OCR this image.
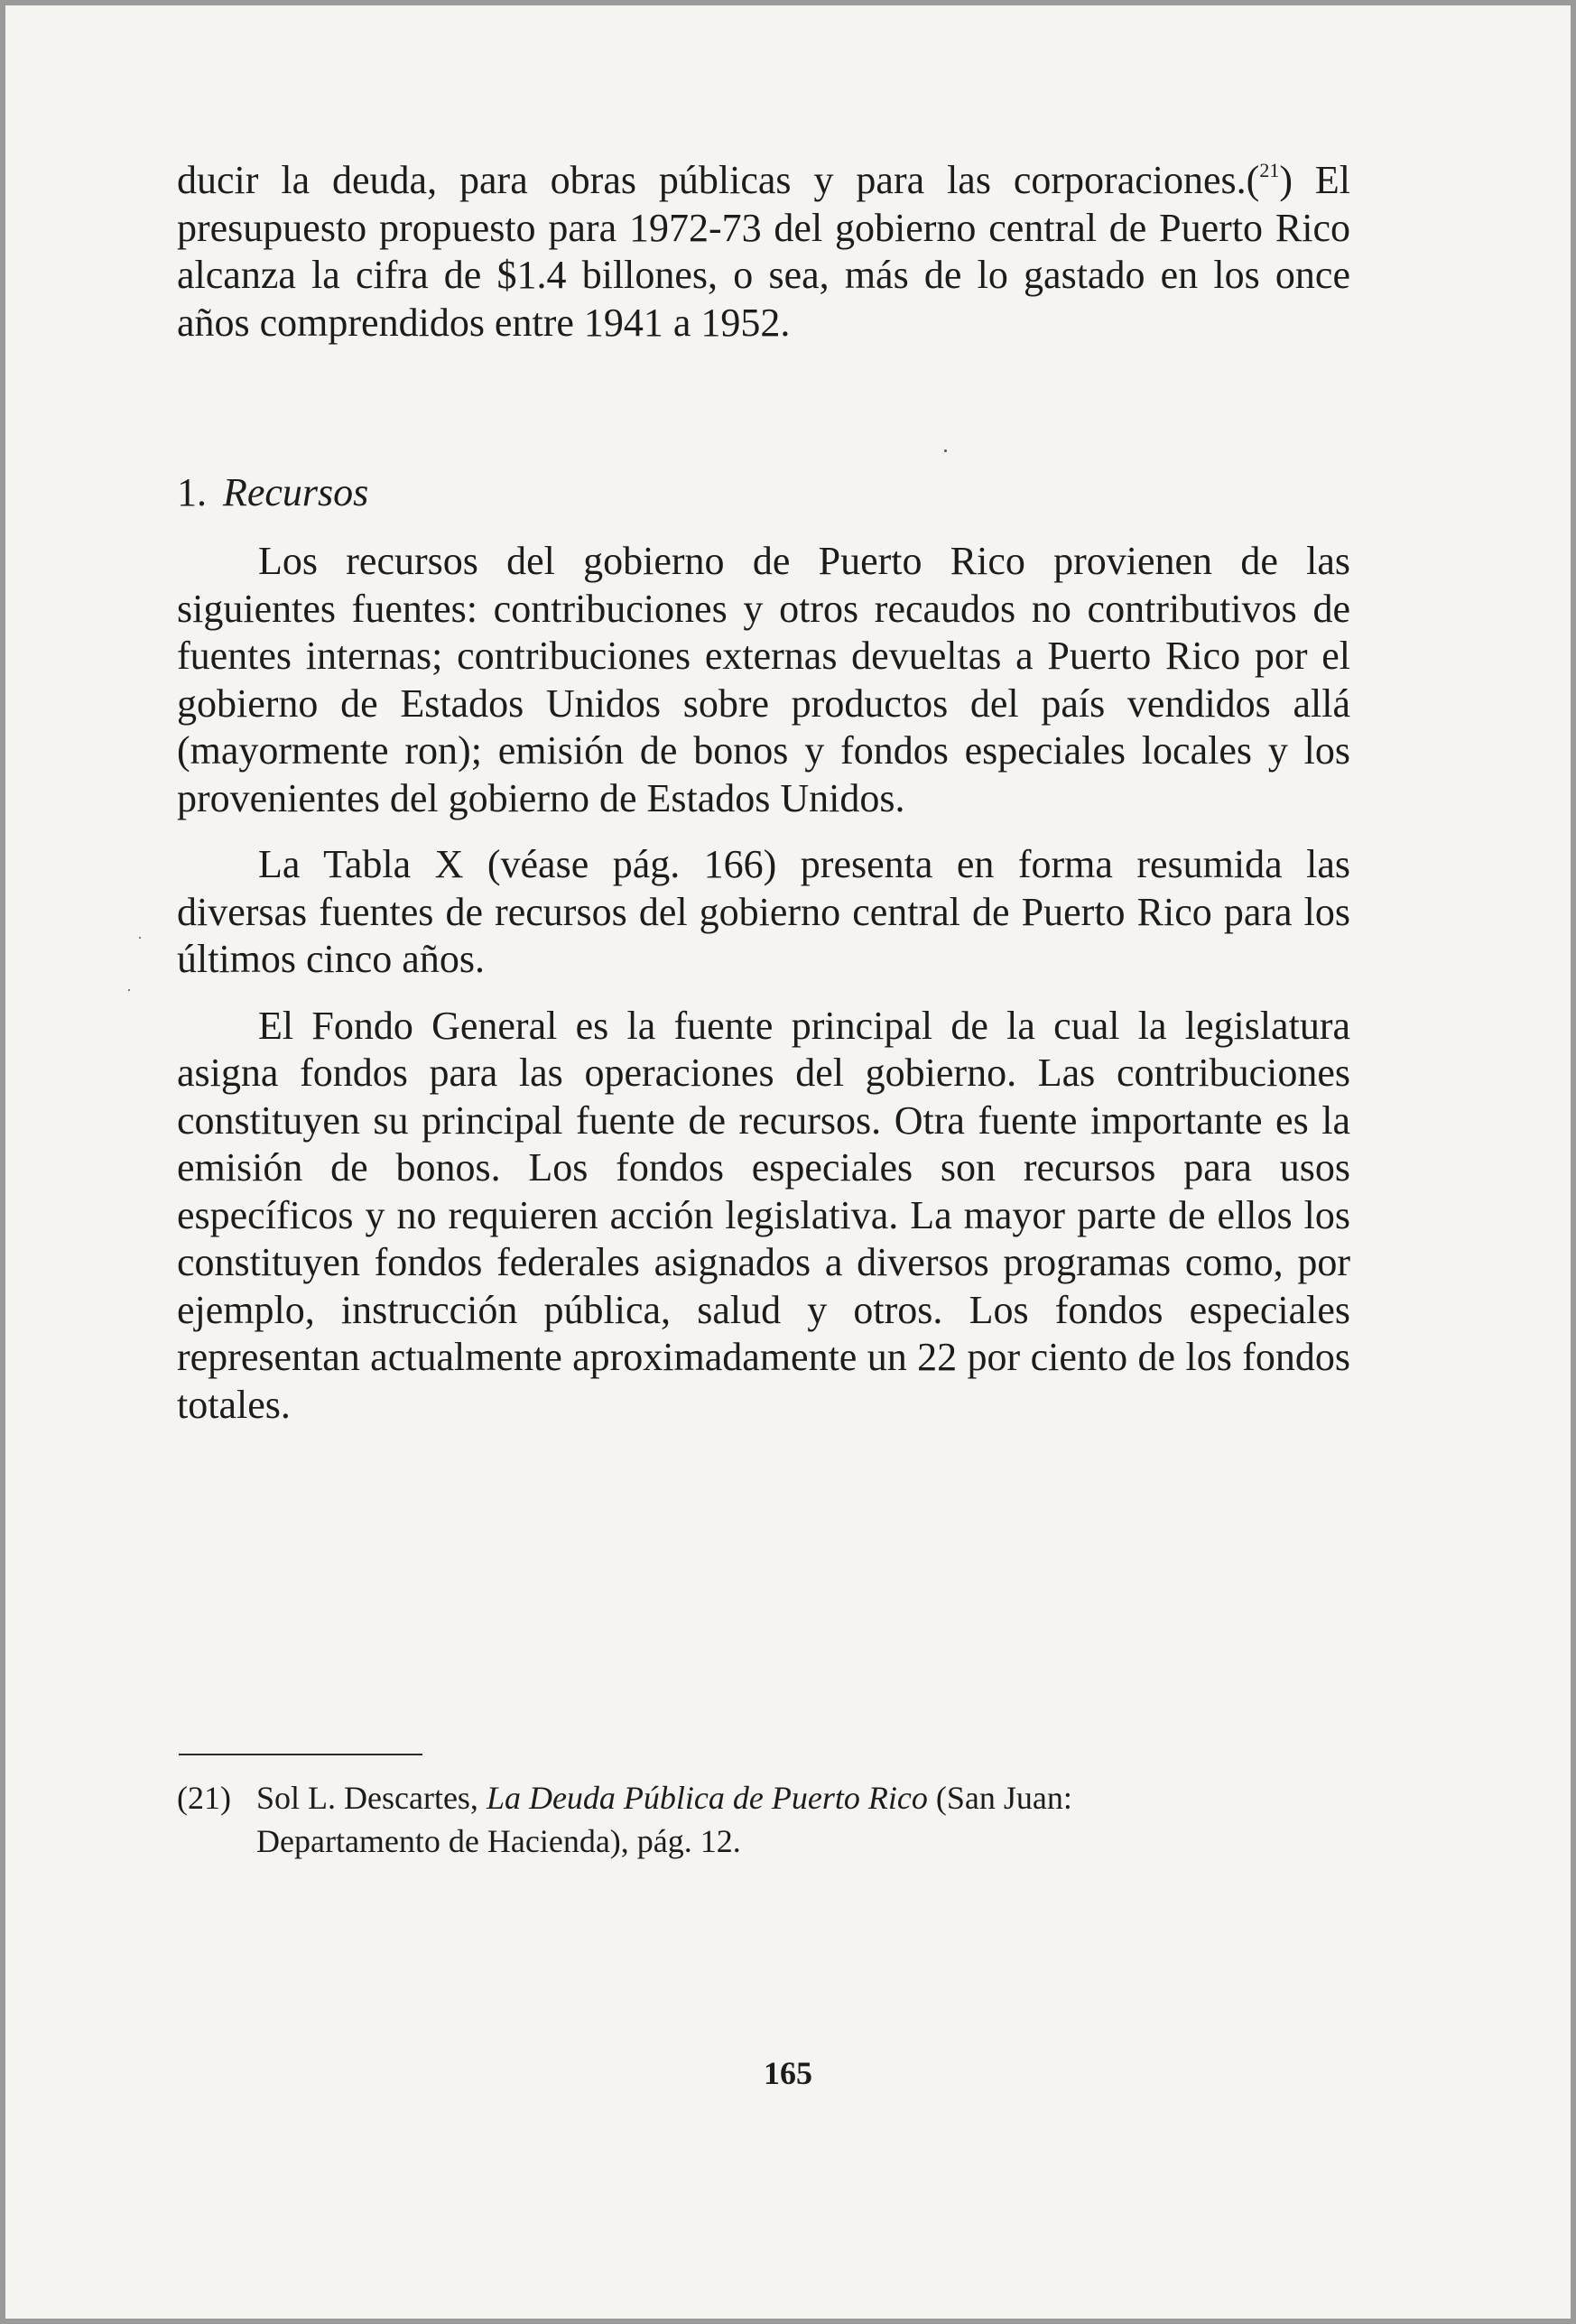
ducir la deuda, para obras públicas y para las corporaciones.($^{21}$) El presupuesto propuesto para 1972-73 del gobierno central de Puerto Rico alcanza la cifra de $1.4 billones, o sea, más de lo gastado en los once años comprendidos entre 1941 a 1952.

1. Recursos

Los recursos del gobierno de Puerto Rico provienen de las siguientes fuentes: contribuciones y otros recaudos no contributivos de fuentes internas; contribuciones externas devueltas a Puerto Rico por el gobierno de Estados Unidos sobre productos del país vendidos allá (mayormente ron); emisión de bonos y fondos especiales locales y los provenientes del gobierno de Estados Unidos.

La Tabla X (véase pág. 166) presenta en forma resumida las diversas fuentes de recursos del gobierno central de Puerto Rico para los últimos cinco años.

El Fondo General es la fuente principal de la cual la legislatura asigna fondos para las operaciones del gobierno. Las contribuciones constituyen su principal fuente de recursos. Otra fuente importante es la emisión de bonos. Los fondos especiales son recursos para usos específicos y no requieren acción legislativa. La mayor parte de ellos los constituyen fondos federales asignados a diversos programas como, por ejemplo, instrucción pública, salud y otros. Los fondos especiales representan actualmente aproximadamente un 22 por ciento de los fondos totales.

(21) Sol L. Descartes, La Deuda Pública de Puerto Rico (San Juan:
Departamento de Hacienda), pág. 12.
165
